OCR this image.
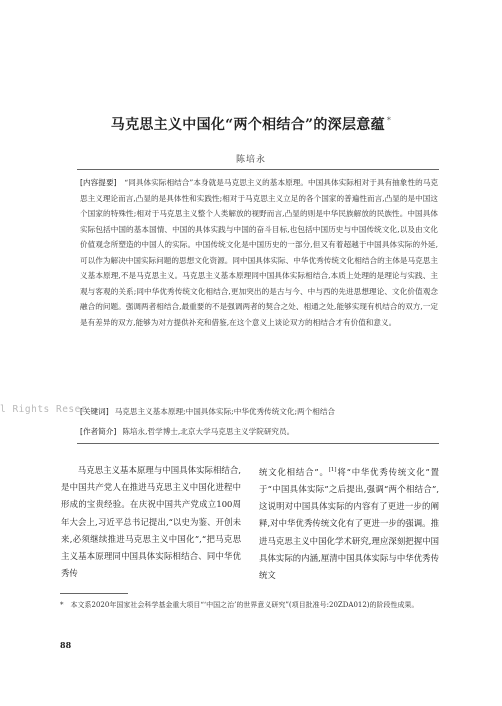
马克思主义中国化“两个相结合”的深层意蕴 *
陈培永

[内容提要]　 “同具体实际相结合”本身就是马克思主义的基本原理。中国具体实际相对于具有抽象性的马克思主义理论而言,凸显的是具体性和实践性;相对于马克思主义立足的各个国家的普遍性而言,凸显的是中国这个国家的特殊性;相对于马克思主义整个人类解放的视野而言,凸显的则是中华民族解放的民族性。中国具体实际包括中国的基本国情、中国的具体实践与中国的奋斗目标,也包括中国历史与中国传统文化,以及由文化价值观念所塑造的中国人的实际。中国传统文化是中国历史的一部分,但又有着超越于中国具体实际的外延,可以作为解决中国实际问题的思想文化资源。同中国具体实际、中华优秀传统文化相结合的主体是马克思主义基本原理,不是马克思主义。马克思主义基本原理同中国具体实际相结合,本质上处理的是理论与实践、主观与客观的关系;同中华优秀传统文化相结合,更加突出的是古与今、中与西的先进思想理论、文化价值观念融合的问题。强调两者相结合,最重要的不是强调两者的契合之处、相通之处,能够实现有机结合的双方,一定是有差异的双方,能够为对方提供补充和借鉴,在这个意义上谈论双方的相结合才有价值和意义。

l Rights Reser
[关键词] 马克思主义基本原理;中国具体实际;中华优秀传统文化;两个相结合
[作者简介] 陈培永,哲学博士,北京大学马克思主义学院研究员。

马克思主义基本原理与中国具体实际相结合,是中国共产党人在推进马克思主义中国化进程中形成的宝贵经验。在庆祝中国共产党成立100周年大会上,习近平总书记提出,“以史为鉴、开创未来,必须继续推进马克思主义中国化”,“把马克思主义基本原理同中国具体实际相结合、同中华优秀传

统文化相结合”。[1]将“中华优秀传统文化”置于“中国具体实际”之后提出,强调“两个相结合”,这说明对中国具体实际的内容有了更进一步的阐释,对中华优秀传统文化有了更进一步的强调。推进马克思主义中国化学术研究,理应深刻把握中国具体实际的内涵,厘清中国具体实际与中华优秀传统文

*　本文系2020年国家社会科学基金重大项目“‘中国之治’的世界意义研究”(项目批准号:20ZDA012)的阶段性成果。
88
